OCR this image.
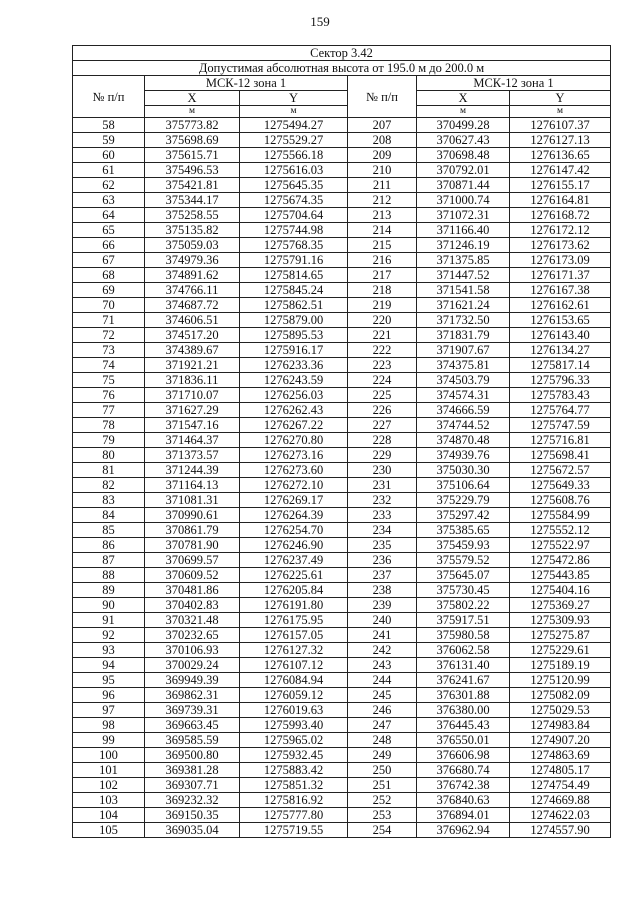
159
Сектор 3.42					
Допустимая абсолютная высота от 195.0 м до 200.0 м					
№ п/п	МСК-12 зона 1		№ п/п	МСК-12 зона 1	
	X	Y		X	Y
	м	м		м	м
58	375773.82	1275494.27	207	370499.28	1276107.37
59	375698.69	1275529.27	208	370627.43	1276127.13
60	375615.71	1275566.18	209	370698.48	1276136.65
61	375496.53	1275616.03	210	370792.01	1276147.42
62	375421.81	1275645.35	211	370871.44	1276155.17
63	375344.17	1275674.35	212	371000.74	1276164.81
64	375258.55	1275704.64	213	371072.31	1276168.72
65	375135.82	1275744.98	214	371166.40	1276172.12
66	375059.03	1275768.35	215	371246.19	1276173.62
67	374979.36	1275791.16	216	371375.85	1276173.09
68	374891.62	1275814.65	217	371447.52	1276171.37
69	374766.11	1275845.24	218	371541.58	1276167.38
70	374687.72	1275862.51	219	371621.24	1276162.61
71	374606.51	1275879.00	220	371732.50	1276153.65
72	374517.20	1275895.53	221	371831.79	1276143.40
73	374389.67	1275916.17	222	371907.67	1276134.27
74	371921.21	1276233.36	223	374375.81	1275817.14
75	371836.11	1276243.59	224	374503.79	1275796.33
76	371710.07	1276256.03	225	374574.31	1275783.43
77	371627.29	1276262.43	226	374666.59	1275764.77
78	371547.16	1276267.22	227	374744.52	1275747.59
79	371464.37	1276270.80	228	374870.48	1275716.81
80	371373.57	1276273.16	229	374939.76	1275698.41
81	371244.39	1276273.60	230	375030.30	1275672.57
82	371164.13	1276272.10	231	375106.64	1275649.33
83	371081.31	1276269.17	232	375229.79	1275608.76
84	370990.61	1276264.39	233	375297.42	1275584.99
85	370861.79	1276254.70	234	375385.65	1275552.12
86	370781.90	1276246.90	235	375459.93	1275522.97
87	370699.57	1276237.49	236	375579.52	1275472.86
88	370609.52	1276225.61	237	375645.07	1275443.85
89	370481.86	1276205.84	238	375730.45	1275404.16
90	370402.83	1276191.80	239	375802.22	1275369.27
91	370321.48	1276175.95	240	375917.51	1275309.93
92	370232.65	1276157.05	241	375980.58	1275275.87
93	370106.93	1276127.32	242	376062.58	1275229.61
94	370029.24	1276107.12	243	376131.40	1275189.19
95	369949.39	1276084.94	244	376241.67	1275120.99
96	369862.31	1276059.12	245	376301.88	1275082.09
97	369739.31	1276019.63	246	376380.00	1275029.53
98	369663.45	1275993.40	247	376445.43	1274983.84
99	369585.59	1275965.02	248	376550.01	1274907.20
100	369500.80	1275932.45	249	376606.98	1274863.69
101	369381.28	1275883.42	250	376680.74	1274805.17
102	369307.71	1275851.32	251	376742.38	1274754.49
103	369232.32	1275816.92	252	376840.63	1274669.88
104	369150.35	1275777.80	253	376894.01	1274622.03
105	369035.04	1275719.55	254	376962.94	1274557.90
